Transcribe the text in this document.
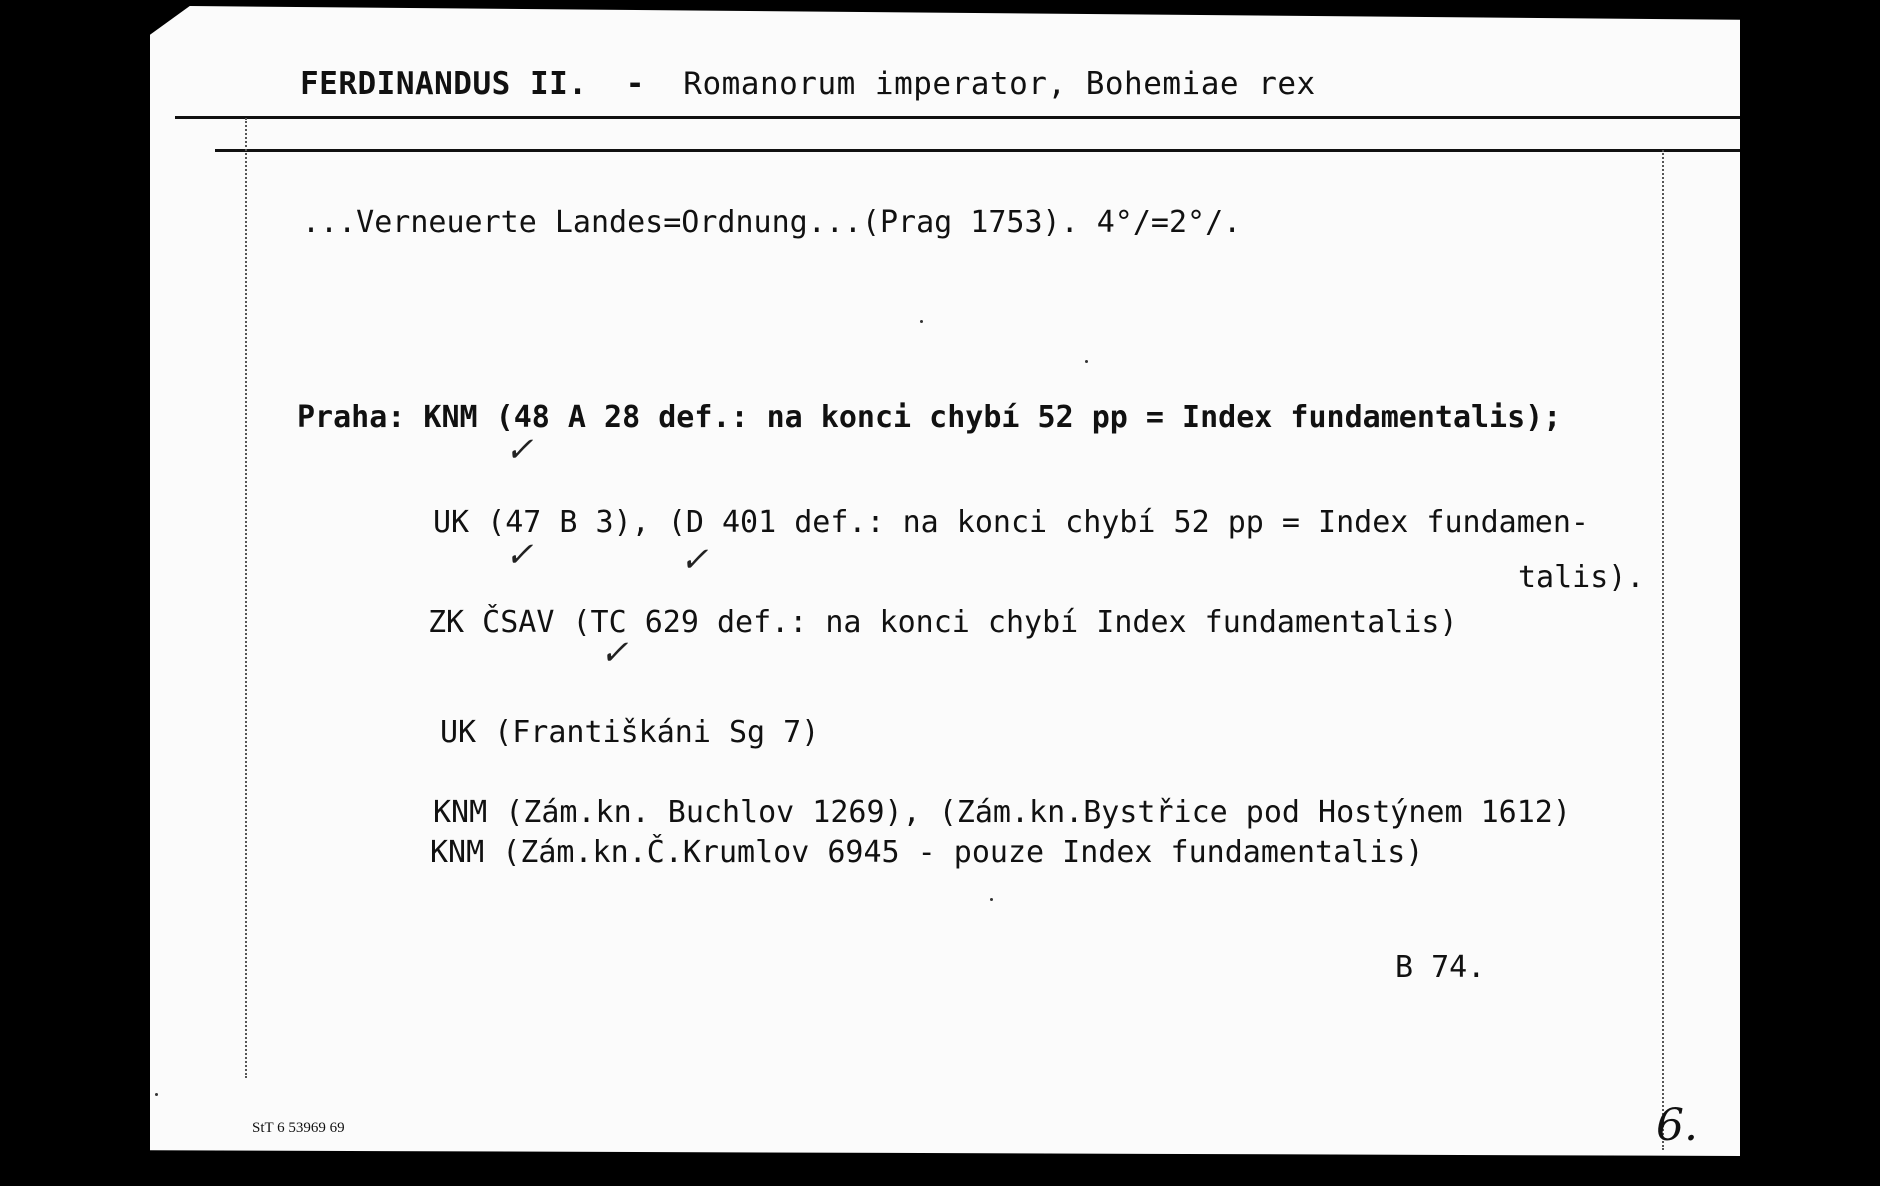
FERDINANDUS II. - Romanorum imperator, Bohemiae rex
...Verneuerte Landes=Ordnung...(Prag 1753). 4°/=2°/.
Praha: KNM (48 A 28 def.: na konci chybí 52 pp = Index fundamentalis);
✓
UK (47 B 3), (D 401 def.: na konci chybí 52 pp = Index fundamen-
✓	✓	talis).
ZK ČSAV (TC 629 def.: na konci chybí Index fundamentalis)
✓
UK (Františkáni Sg 7)
KNM (Zám.kn. Buchlov 1269), (Zám.kn.Bystřice pod Hostýnem 1612)
KNM (Zám.kn.Č.Krumlov 6945 - pouze Index fundamentalis)
B 74.
StT 6 53969 69	6.
